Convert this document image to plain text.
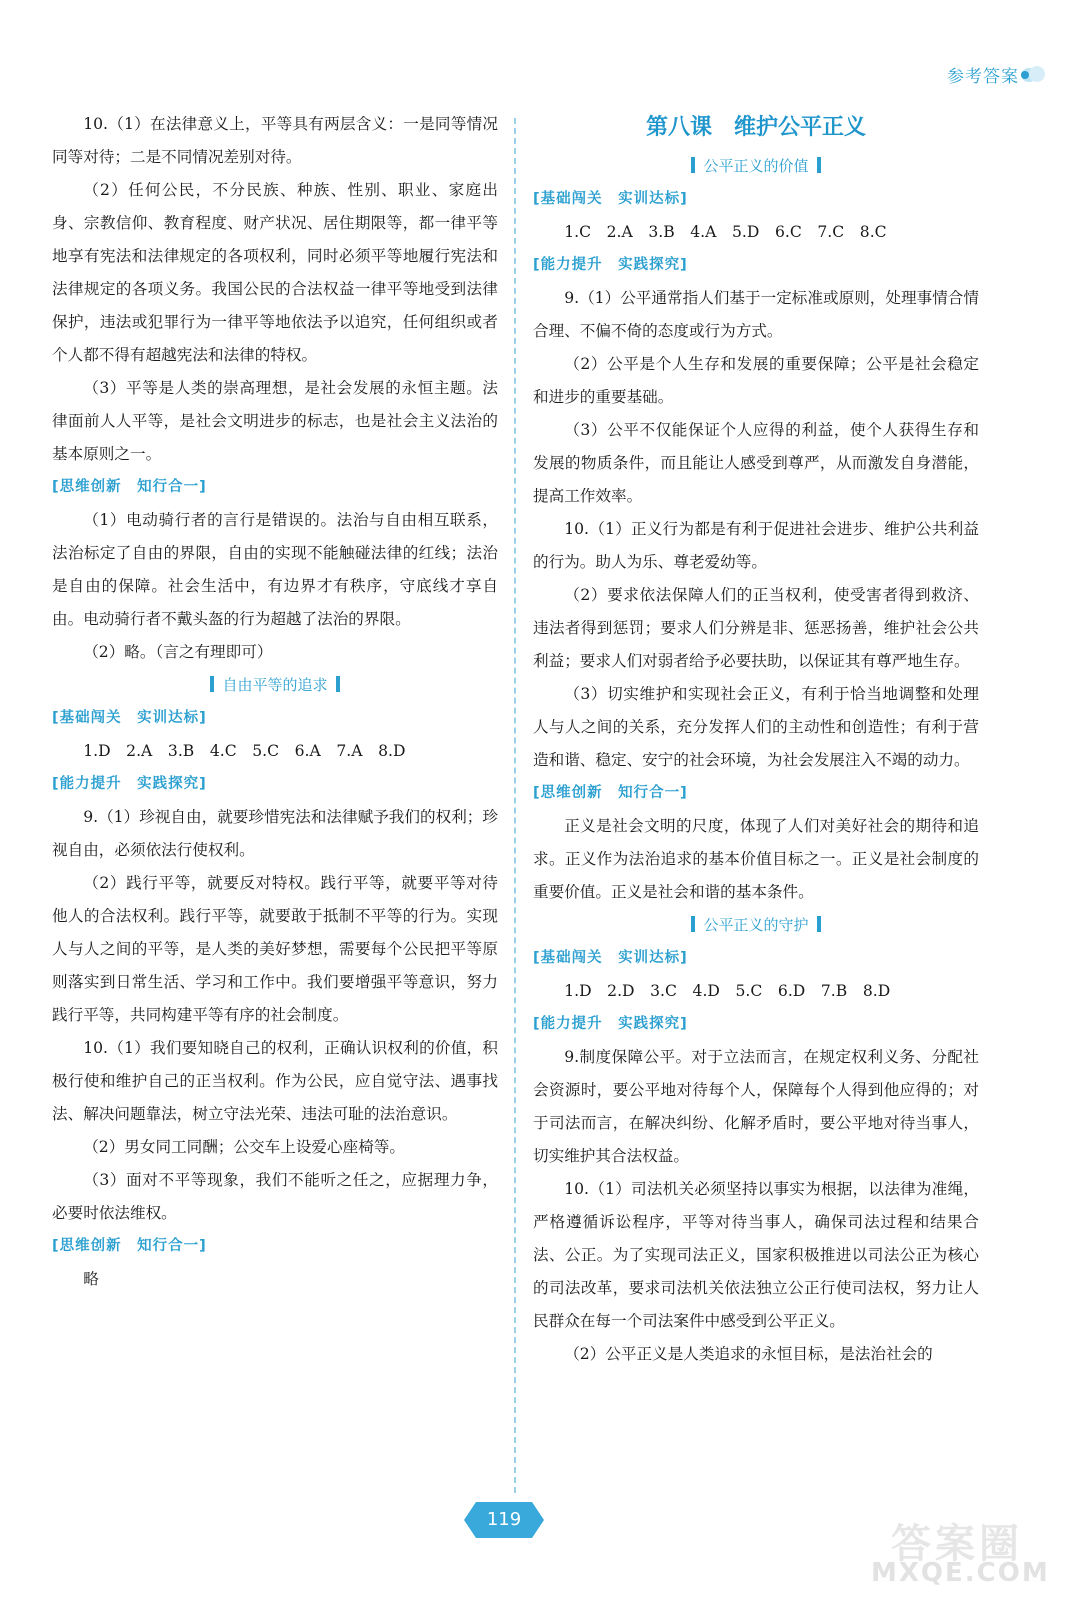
参考答案

10.（1）在法律意义上，平等具有两层含义：一是同等情况同等对待；二是不同情况差别对待。

（2）任何公民，不分民族、种族、性别、职业、家庭出身、宗教信仰、教育程度、财产状况、居住期限等，都一律平等地享有宪法和法律规定的各项权利，同时必须平等地履行宪法和法律规定的各项义务。我国公民的合法权益一律平等地受到法律保护，违法或犯罪行为一律平等地依法予以追究，任何组织或者个人都不得有超越宪法和法律的特权。

（3）平等是人类的崇高理想，是社会发展的永恒主题。法律面前人人平等，是社会文明进步的标志，也是社会主义法治的基本原则之一。

[思维创新　知行合一]

（1）电动骑行者的言行是错误的。法治与自由相互联系，法治标定了自由的界限，自由的实现不能触碰法律的红线；法治是自由的保障。社会生活中，有边界才有秩序，守底线才享自由。电动骑行者不戴头盔的行为超越了法治的界限。

（2）略。（言之有理即可）

自由平等的追求

[基础闯关　实训达标]

1.D　2.A　3.B　4.C　5.C　6.A　7.A　8.D

[能力提升　实践探究]

9.（1）珍视自由，就要珍惜宪法和法律赋予我们的权利；珍视自由，必须依法行使权利。

（2）践行平等，就要反对特权。践行平等，就要平等对待他人的合法权利。践行平等，就要敢于抵制不平等的行为。实现人与人之间的平等，是人类的美好梦想，需要每个公民把平等原则落实到日常生活、学习和工作中。我们要增强平等意识，努力践行平等，共同构建平等有序的社会制度。

10.（1）我们要知晓自己的权利，正确认识权利的价值，积极行使和维护自己的正当权利。作为公民，应自觉守法、遇事找法、解决问题靠法，树立守法光荣、违法可耻的法治意识。

（2）男女同工同酬；公交车上设爱心座椅等。

（3）面对不平等现象，我们不能听之任之，应据理力争，必要时依法维权。

[思维创新　知行合一]

略

第八课　维护公平正义

公平正义的价值

[基础闯关　实训达标]

1.C　2.A　3.B　4.A　5.D　6.C　7.C　8.C

[能力提升　实践探究]

9.（1）公平通常指人们基于一定标准或原则，处理事情合情合理、不偏不倚的态度或行为方式。

（2）公平是个人生存和发展的重要保障；公平是社会稳定和进步的重要基础。

（3）公平不仅能保证个人应得的利益，使个人获得生存和发展的物质条件，而且能让人感受到尊严，从而激发自身潜能，提高工作效率。

10.（1）正义行为都是有利于促进社会进步、维护公共利益的行为。助人为乐、尊老爱幼等。

（2）要求依法保障人们的正当权利，使受害者得到救济、违法者得到惩罚；要求人们分辨是非、惩恶扬善，维护社会公共利益；要求人们对弱者给予必要扶助，以保证其有尊严地生存。

（3）切实维护和实现社会正义，有利于恰当地调整和处理人与人之间的关系，充分发挥人们的主动性和创造性；有利于营造和谐、稳定、安宁的社会环境，为社会发展注入不竭的动力。

[思维创新　知行合一]

正义是社会文明的尺度，体现了人们对美好社会的期待和追求。正义作为法治追求的基本价值目标之一。正义是社会制度的重要价值。正义是社会和谐的基本条件。

公平正义的守护

[基础闯关　实训达标]

1.D　2.D　3.C　4.D　5.C　6.D　7.B　8.D

[能力提升　实践探究]

9.制度保障公平。对于立法而言，在规定权利义务、分配社会资源时，要公平地对待每个人，保障每个人得到他应得的；对于司法而言，在解决纠纷、化解矛盾时，要公平地对待当事人，切实维护其合法权益。

10.（1）司法机关必须坚持以事实为根据，以法律为准绳，严格遵循诉讼程序，平等对待当事人，确保司法过程和结果合法、公正。为了实现司法正义，国家积极推进以司法公正为核心的司法改革，要求司法机关依法独立公正行使司法权，努力让人民群众在每一个司法案件中感受到公平正义。

（2）公平正义是人类追求的永恒目标，是法治社会的

119
答案圈
MXQE.COM
